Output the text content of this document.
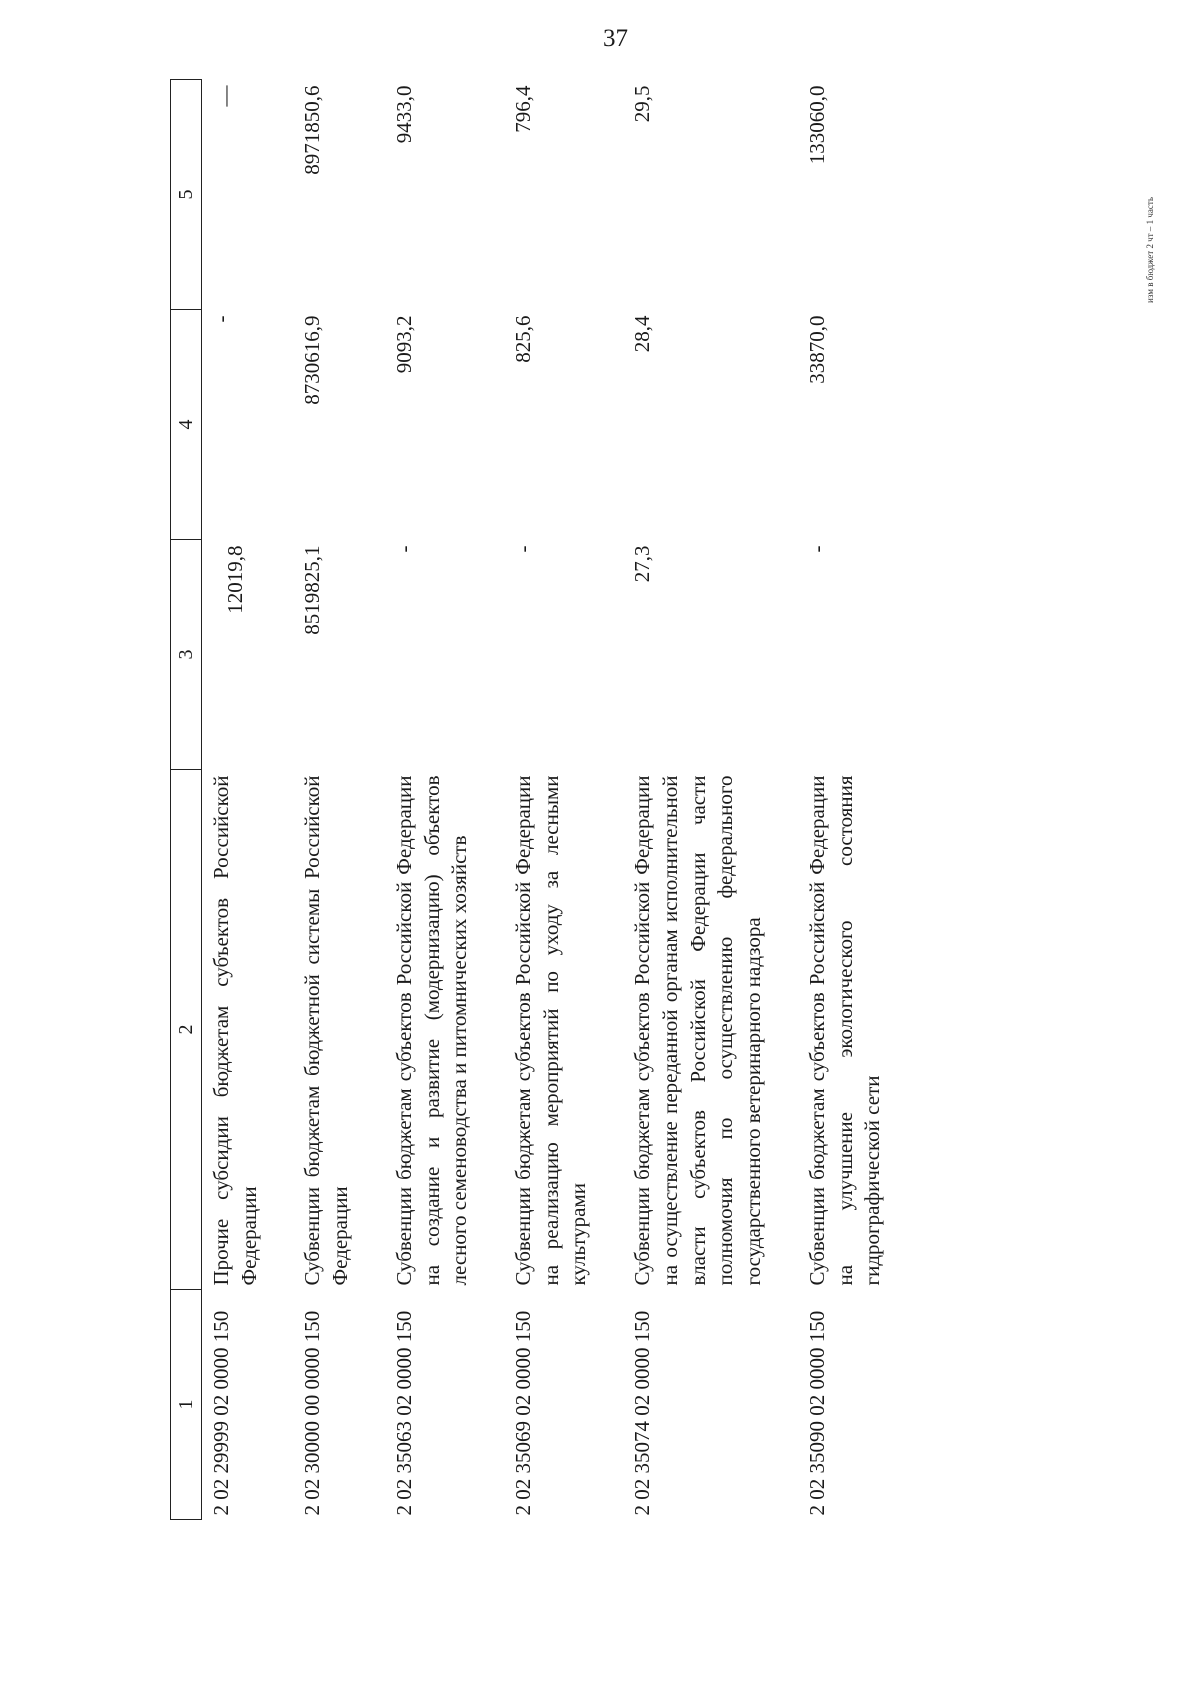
37
изм в бюджет 2 чт – 1 часть
1	2	3	4	5
2 02 29999 02 0000 150	Прочие субсидии бюджетам субъектов Российской Федерации	12019,8	-	—
2 02 30000 00 0000 150	Субвенции бюджетам бюджетной системы Российской Федерации	8519825,1	8730616,9	8971850,6
2 02 35063 02 0000 150	Субвенции бюджетам субъектов Российской Федерации на создание и развитие (модернизацию) объектов лесного семеноводства и питомнических хозяйств	-	9093,2	9433,0
2 02 35069 02 0000 150	Субвенции бюджетам субъектов Российской Федерации на реализацию мероприятий по уходу за лесными культурами	-	825,6	796,4
2 02 35074 02 0000 150	Субвенции бюджетам субъектов Российской Федерации на осуществление переданной органам исполнительной власти субъектов Российской Федерации части полномочия по осуществлению федерального государственного ветеринарного надзора	27,3	28,4	29,5
2 02 35090 02 0000 150	Субвенции бюджетам субъектов Российской Федерации на улучшение экологического состояния гидрографической сети	-	33870,0	133060,0
